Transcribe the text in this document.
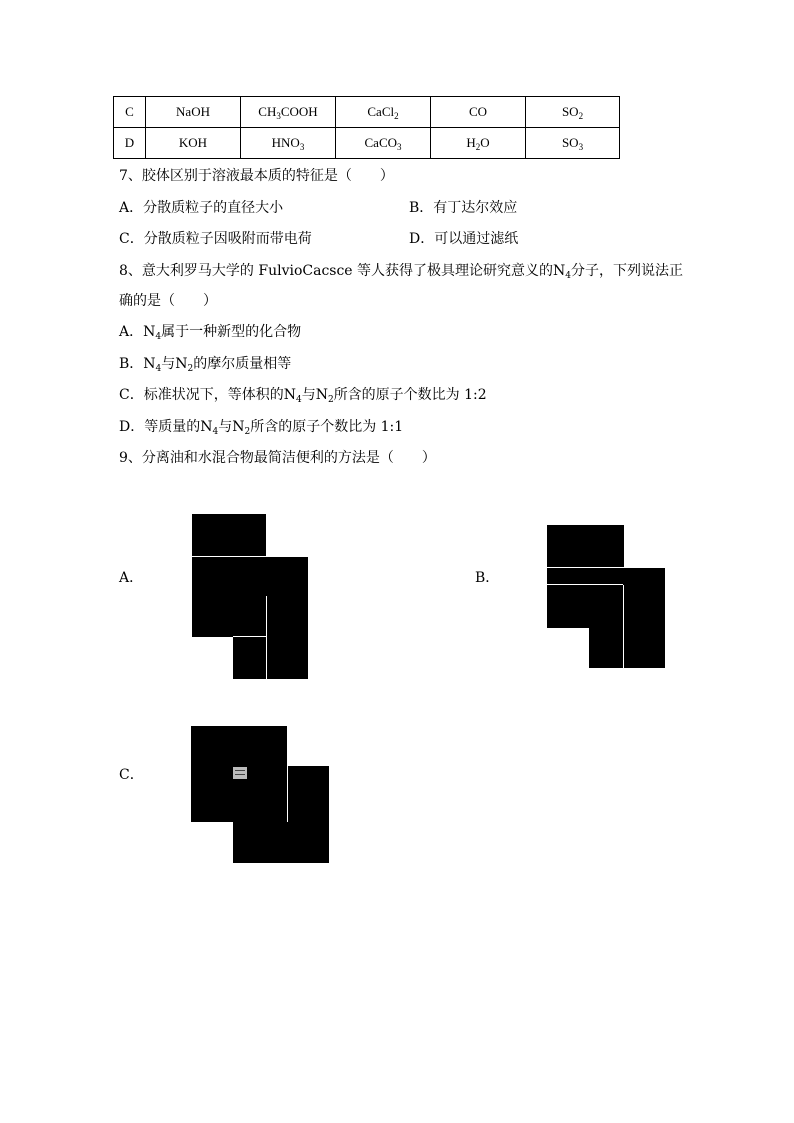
C	NaOH	$CH_3COOH$	CaCl$_2$	CO	$SO_2$
D	KOH	$HNO_3$	CaCO$_3$	$H_2O$	$SO_3$
7、胶体区别于溶液最本质的特征是（　　）
A．分散质粒子的直径大小	B．有丁达尔效应
C．分散质粒子因吸附而带电荷	D．可以通过滤纸
8、意大利罗马大学的 FulvioCacsce 等人获得了极具理论研究意义的$N_4$分子，下列说法正
确的是（　　）
A．$N_4$属于一种新型的化合物
B．$N_4$与$N_2$的摩尔质量相等
C．标准状况下，等体积的$N_4$与$N_2$所含的原子个数比为 1:2
D．等质量的$N_4$与$N_2$所含的原子个数比为 1:1
9、分离油和水混合物最简洁便利的方法是（　　）
A．	B．
C．
